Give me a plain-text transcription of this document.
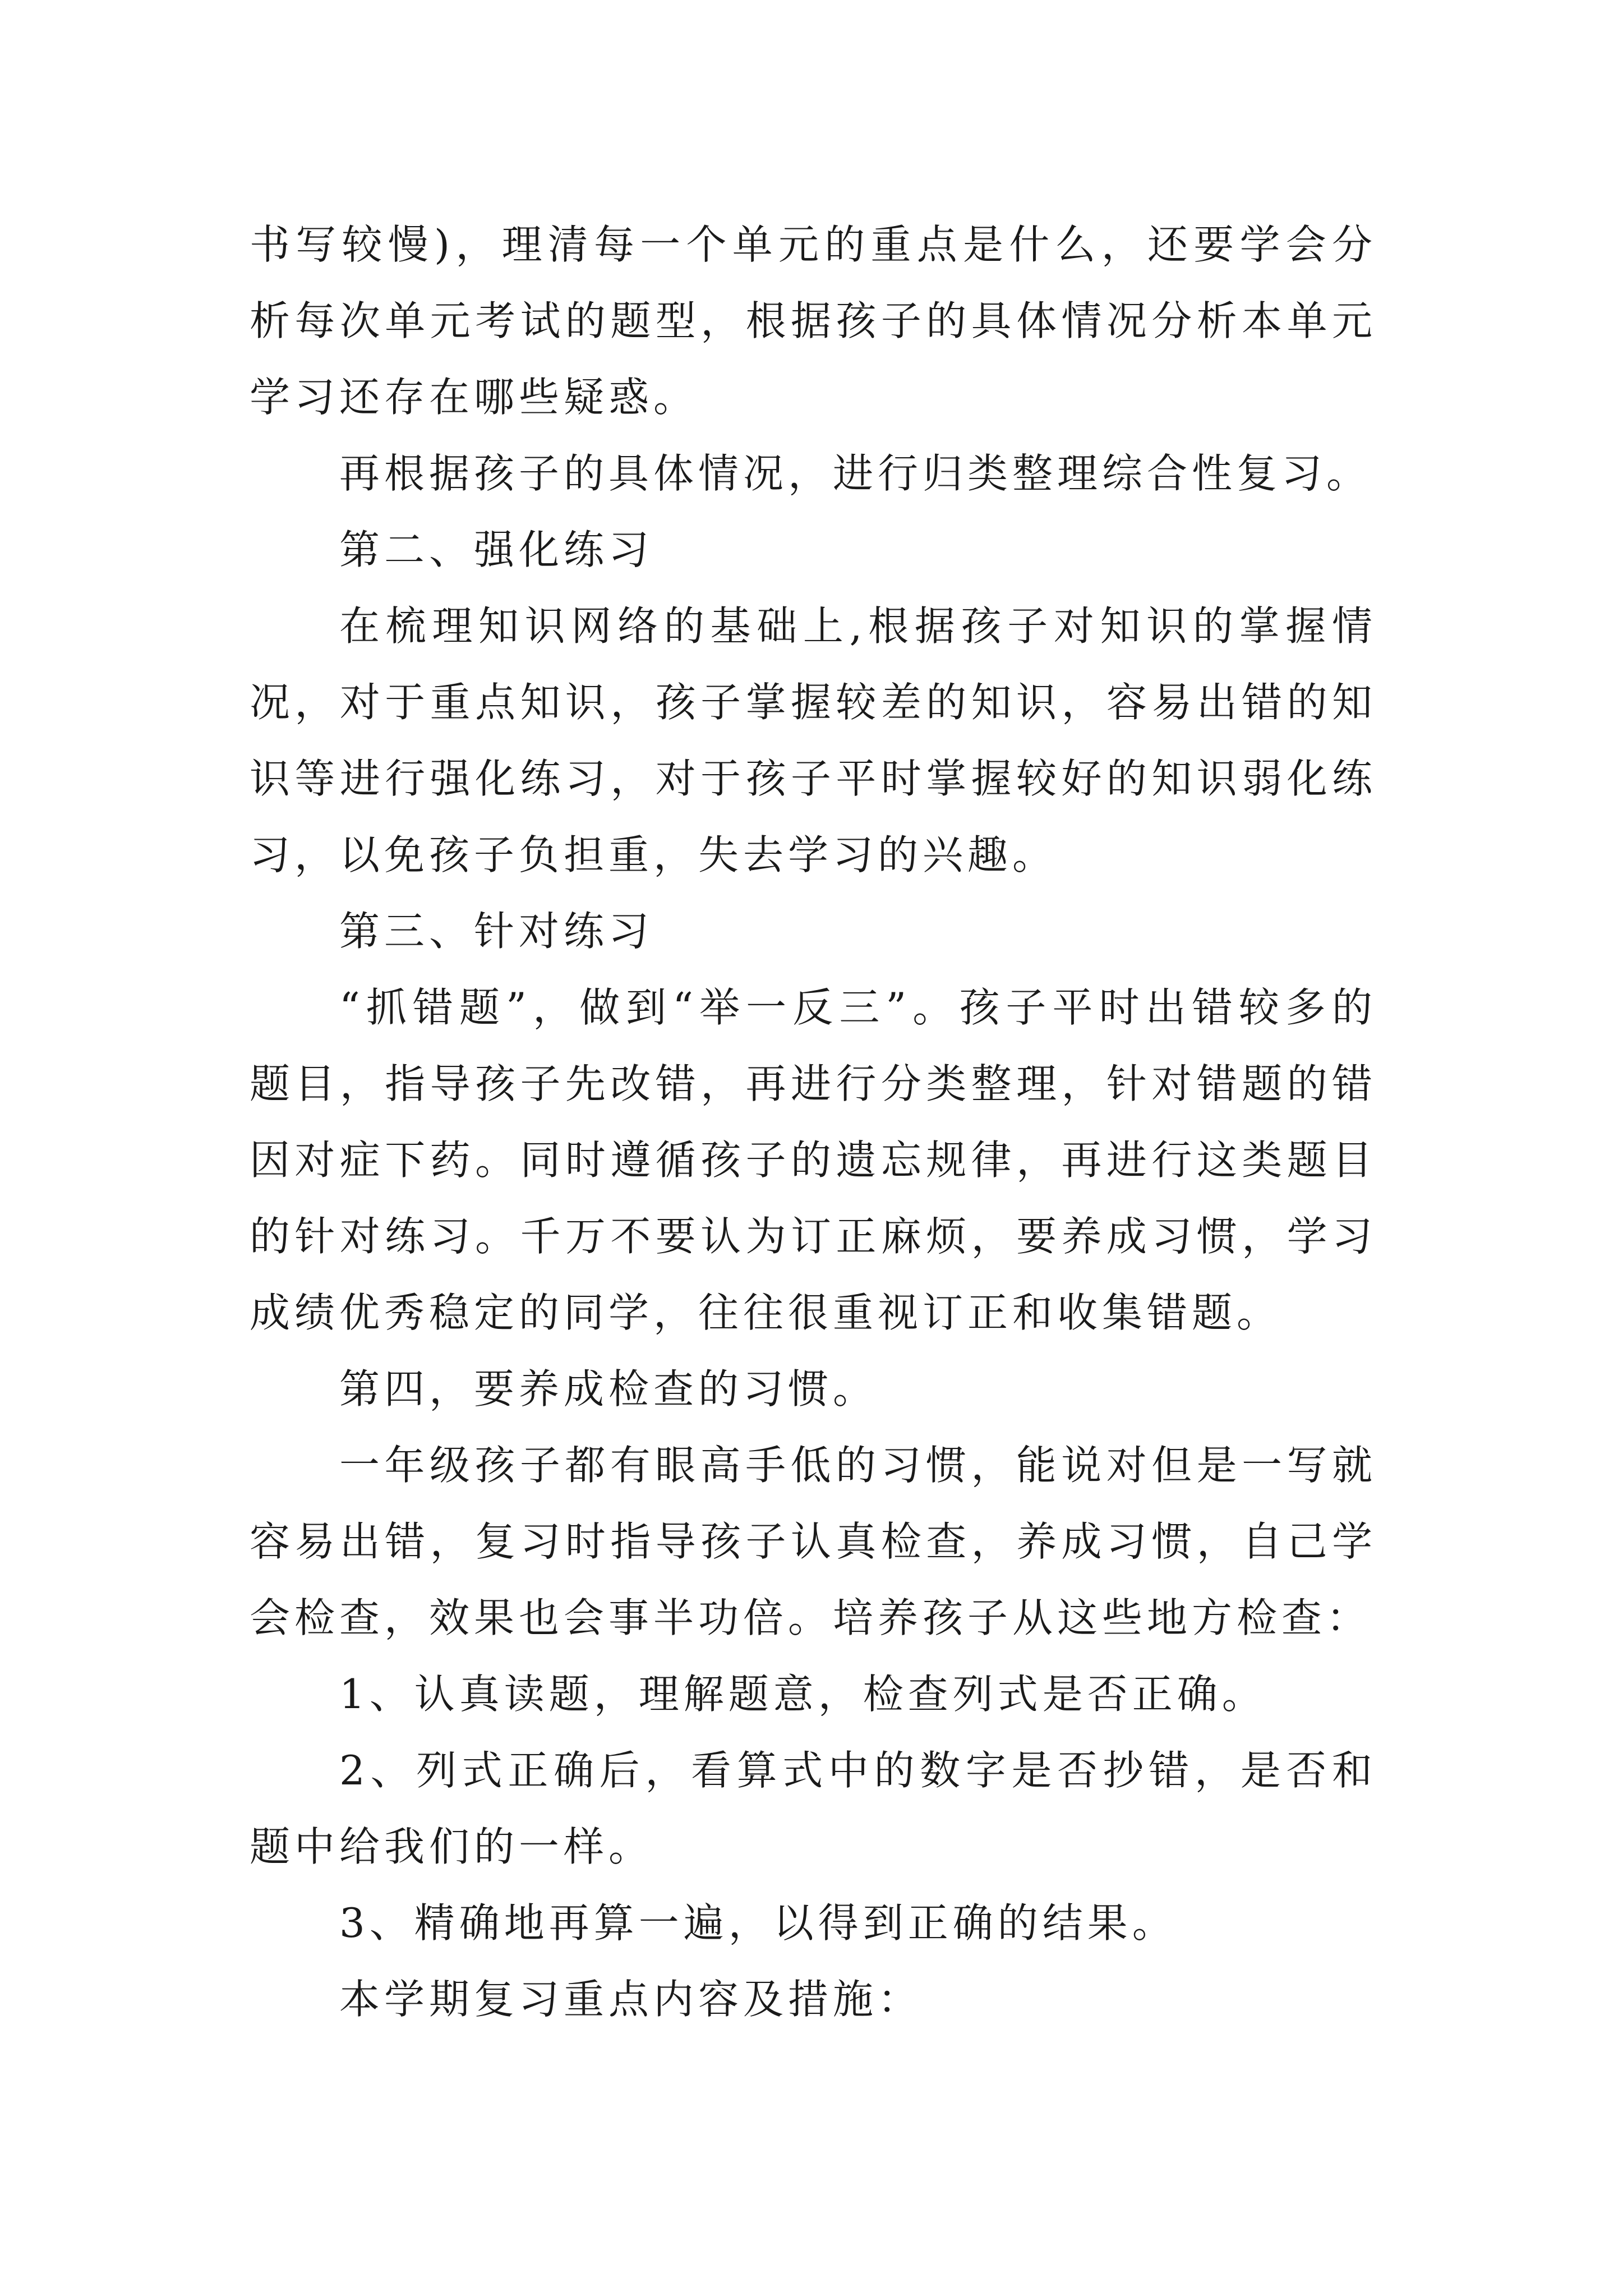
书写较慢)，理清每一个单元的重点是什么，还要学会分析每次单元考试的题型，根据孩子的具体情况分析本单元学习还存在哪些疑惑。

再根据孩子的具体情况，进行归类整理综合性复习。

第二、强化练习

在梳理知识网络的基础上,根据孩子对知识的掌握情况，对于重点知识，孩子掌握较差的知识，容易出错的知识等进行强化练习，对于孩子平时掌握较好的知识弱化练习，以免孩子负担重，失去学习的兴趣。

第三、针对练习

“抓错题”，做到“举一反三”。孩子平时出错较多的题目，指导孩子先改错，再进行分类整理，针对错题的错因对症下药。同时遵循孩子的遗忘规律，再进行这类题目的针对练习。千万不要认为订正麻烦，要养成习惯，学习成绩优秀稳定的同学，往往很重视订正和收集错题。

第四，要养成检查的习惯。

一年级孩子都有眼高手低的习惯，能说对但是一写就容易出错，复习时指导孩子认真检查，养成习惯，自己学会检查，效果也会事半功倍。培养孩子从这些地方检查：

1、认真读题，理解题意，检查列式是否正确。

2、列式正确后，看算式中的数字是否抄错，是否和题中给我们的一样。

3、精确地再算一遍，以得到正确的结果。

本学期复习重点内容及措施：
